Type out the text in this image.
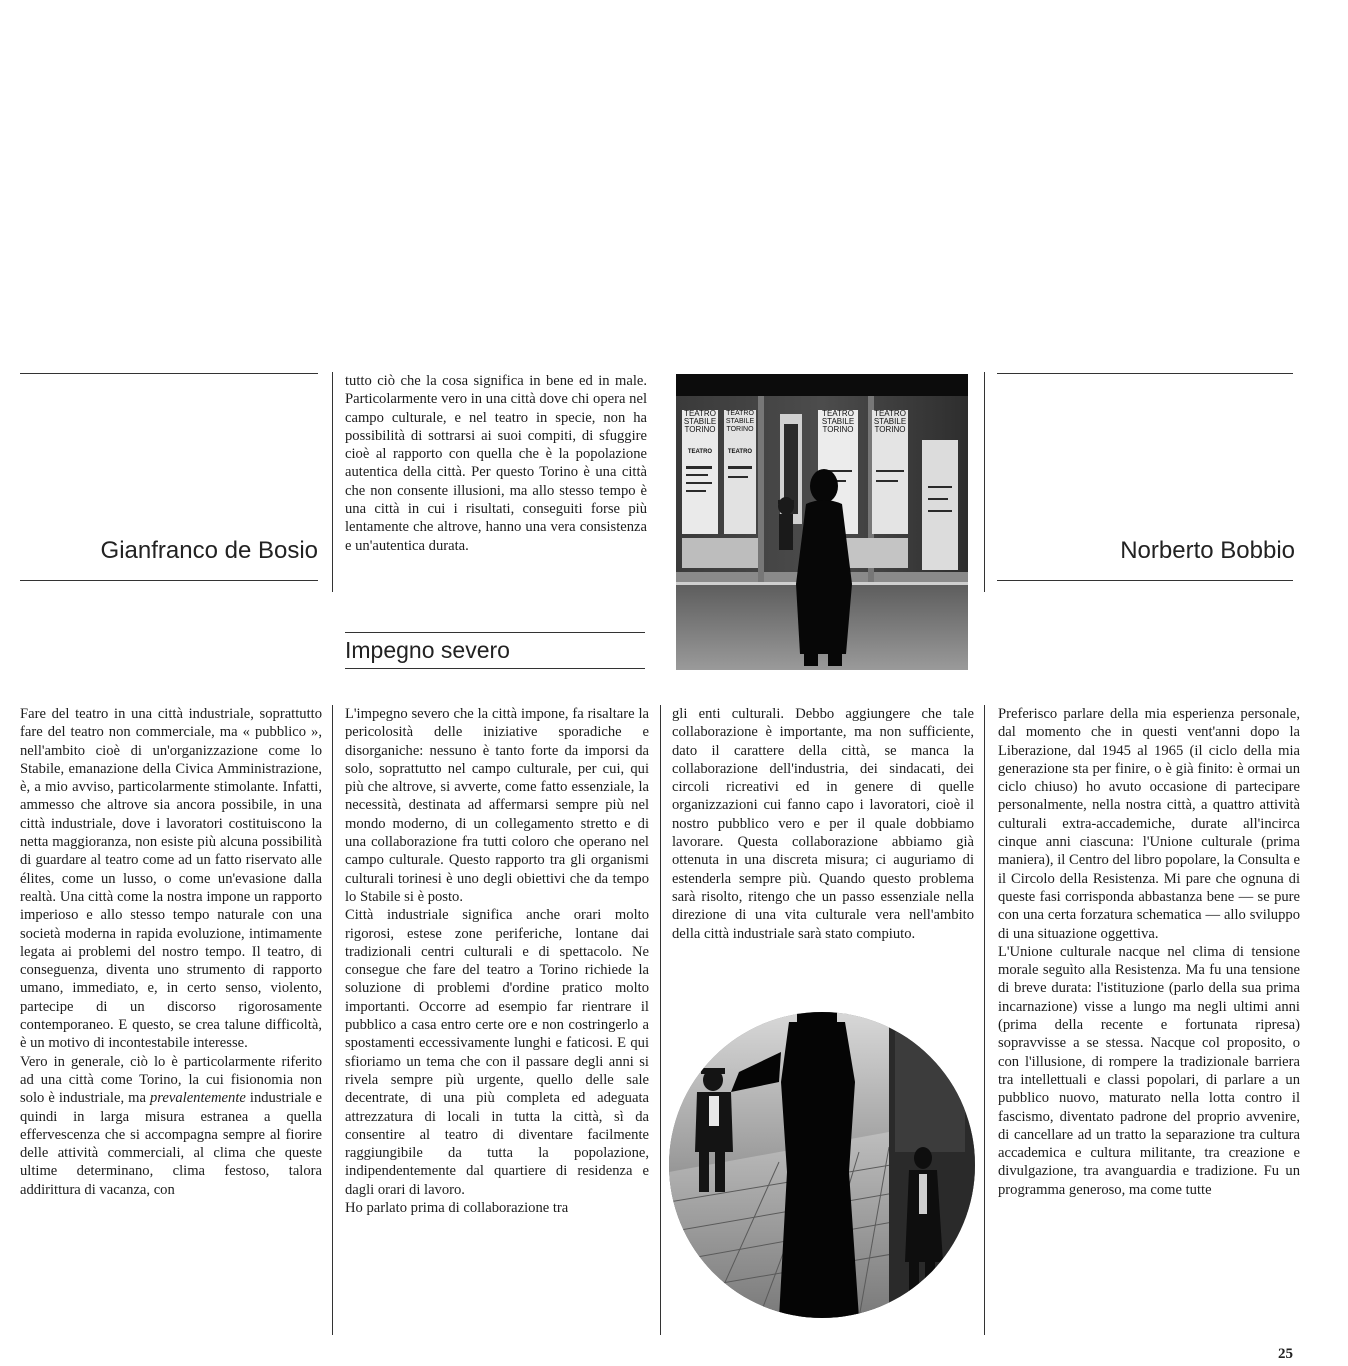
Gianfranco de Bosio

Fare del teatro in una città industriale, soprattutto fare del teatro non commerciale, ma « pubblico », nell'ambito cioè di un'organizzazione come lo Stabile, emanazione della Civica Amministrazione, è, a mio avviso, particolarmente stimolante. Infatti, ammesso che altrove sia ancora possibile, in una città industriale, dove i lavoratori costituiscono la netta maggioranza, non esiste più alcuna possibilità di guardare al teatro come ad un fatto riservato alle élites, come un lusso, o come un'evasione dalla realtà. Una città come la nostra impone un rapporto imperioso e allo stesso tempo naturale con una società moderna in rapida evoluzione, intimamente legata ai problemi del nostro tempo. Il teatro, di conseguenza, diventa uno strumento di rapporto umano, immediato, e, in certo senso, violento, partecipe di un discorso rigorosamente contemporaneo. E questo, se crea talune difficoltà, è un motivo di incontestabile interesse.

Vero in generale, ciò lo è particolarmente riferito ad una città come Torino, la cui fisionomia non solo è industriale, ma prevalentemente industriale e quindi in larga misura estranea a quella effervescenza che si accompagna sempre al fiorire delle attività commerciali, al clima che queste ultime determinano, clima festoso, talora addirittura di vacanza, con

tutto ciò che la cosa significa in bene ed in male. Particolarmente vero in una città dove chi opera nel campo culturale, e nel teatro in specie, non ha possibilità di sottrarsi ai suoi compiti, di sfuggire cioè al rapporto con quella che è la popolazione autentica della città. Per questo Torino è una città che non consente illusioni, ma allo stesso tempo è una città in cui i risultati, conseguiti forse più lentamente che altrove, hanno una vera consistenza e un'autentica durata.

Impegno severo

L'impegno severo che la città impone, fa risaltare la pericolosità delle iniziative sporadiche e disorganiche: nessuno è tanto forte da imporsi da solo, soprattutto nel campo culturale, per cui, qui più che altrove, si avverte, come fatto essenziale, la necessità, destinata ad affermarsi sempre più nel mondo moderno, di un collegamento stretto e di una collaborazione fra tutti coloro che operano nel campo culturale. Questo rapporto tra gli organismi culturali torinesi è uno degli obiettivi che da tempo lo Stabile si è posto.

Città industriale significa anche orari molto rigorosi, estese zone periferiche, lontane dai tradizionali centri culturali e di spettacolo. Ne consegue che fare del teatro a Torino richiede la soluzione di problemi d'ordine pratico molto importanti. Occorre ad esempio far rientrare il pubblico a casa entro certe ore e non costringerlo a spostamenti eccessivamente lunghi e faticosi. E qui sfioriamo un tema che con il passare degli anni si rivela sempre più urgente, quello delle sale decentrate, di una più completa ed adeguata attrezzatura di locali in tutta la città, sì da consentire al teatro di diventare facilmente raggiungibile da tutta la popolazione, indipendentemente dal quartiere di residenza e dagli orari di lavoro.

Ho parlato prima di collaborazione tra

TEATRO
STABILE
TORINO
TEATRO
TEATRO
STABILE
TORINO
TEATRO
TEATRO
STABILE
TORINO
TEATRO
STABILE
TORINO

gli enti culturali. Debbo aggiungere che tale collaborazione è importante, ma non sufficiente, dato il carattere della città, se manca la collaborazione dell'industria, dei sindacati, dei circoli ricreativi ed in genere di quelle organizzazioni cui fanno capo i lavoratori, cioè il nostro pubblico vero e per il quale dobbiamo lavorare. Questa collaborazione abbiamo già ottenuta in una discreta misura; ci auguriamo di estenderla sempre più. Quando questo problema sarà risolto, ritengo che un passo essenziale nella direzione di una vita culturale vera nell'ambito della città industriale sarà stato compiuto.

Norberto Bobbio

Preferisco parlare della mia esperienza personale, dal momento che in questi vent'anni dopo la Liberazione, dal 1945 al 1965 (il ciclo della mia generazione sta per finire, o è già finito: è ormai un ciclo chiuso) ho avuto occasione di partecipare personalmente, nella nostra città, a quattro attività culturali extra-accademiche, durate all'incirca cinque anni ciascuna: l'Unione culturale (prima maniera), il Centro del libro popolare, la Consulta e il Circolo della Resistenza. Mi pare che ognuna di queste fasi corrisponda abbastanza bene — se pure con una certa forzatura schematica — allo sviluppo di una situazione oggettiva.

L'Unione culturale nacque nel clima di tensione morale seguìto alla Resistenza. Ma fu una tensione di breve durata: l'istituzione (parlo della sua prima incarnazione) visse a lungo ma negli ultimi anni (prima della recente e fortunata ripresa) sopravvisse a se stessa. Nacque col proposito, o con l'illusione, di rompere la tradizionale barriera tra intellettuali e classi popolari, di parlare a un pubblico nuovo, maturato nella lotta contro il fascismo, diventato padrone del proprio avvenire, di cancellare ad un tratto la separazione tra cultura accademica e cultura militante, tra creazione e divulgazione, tra avanguardia e tradizione. Fu un programma generoso, ma come tutte

25
